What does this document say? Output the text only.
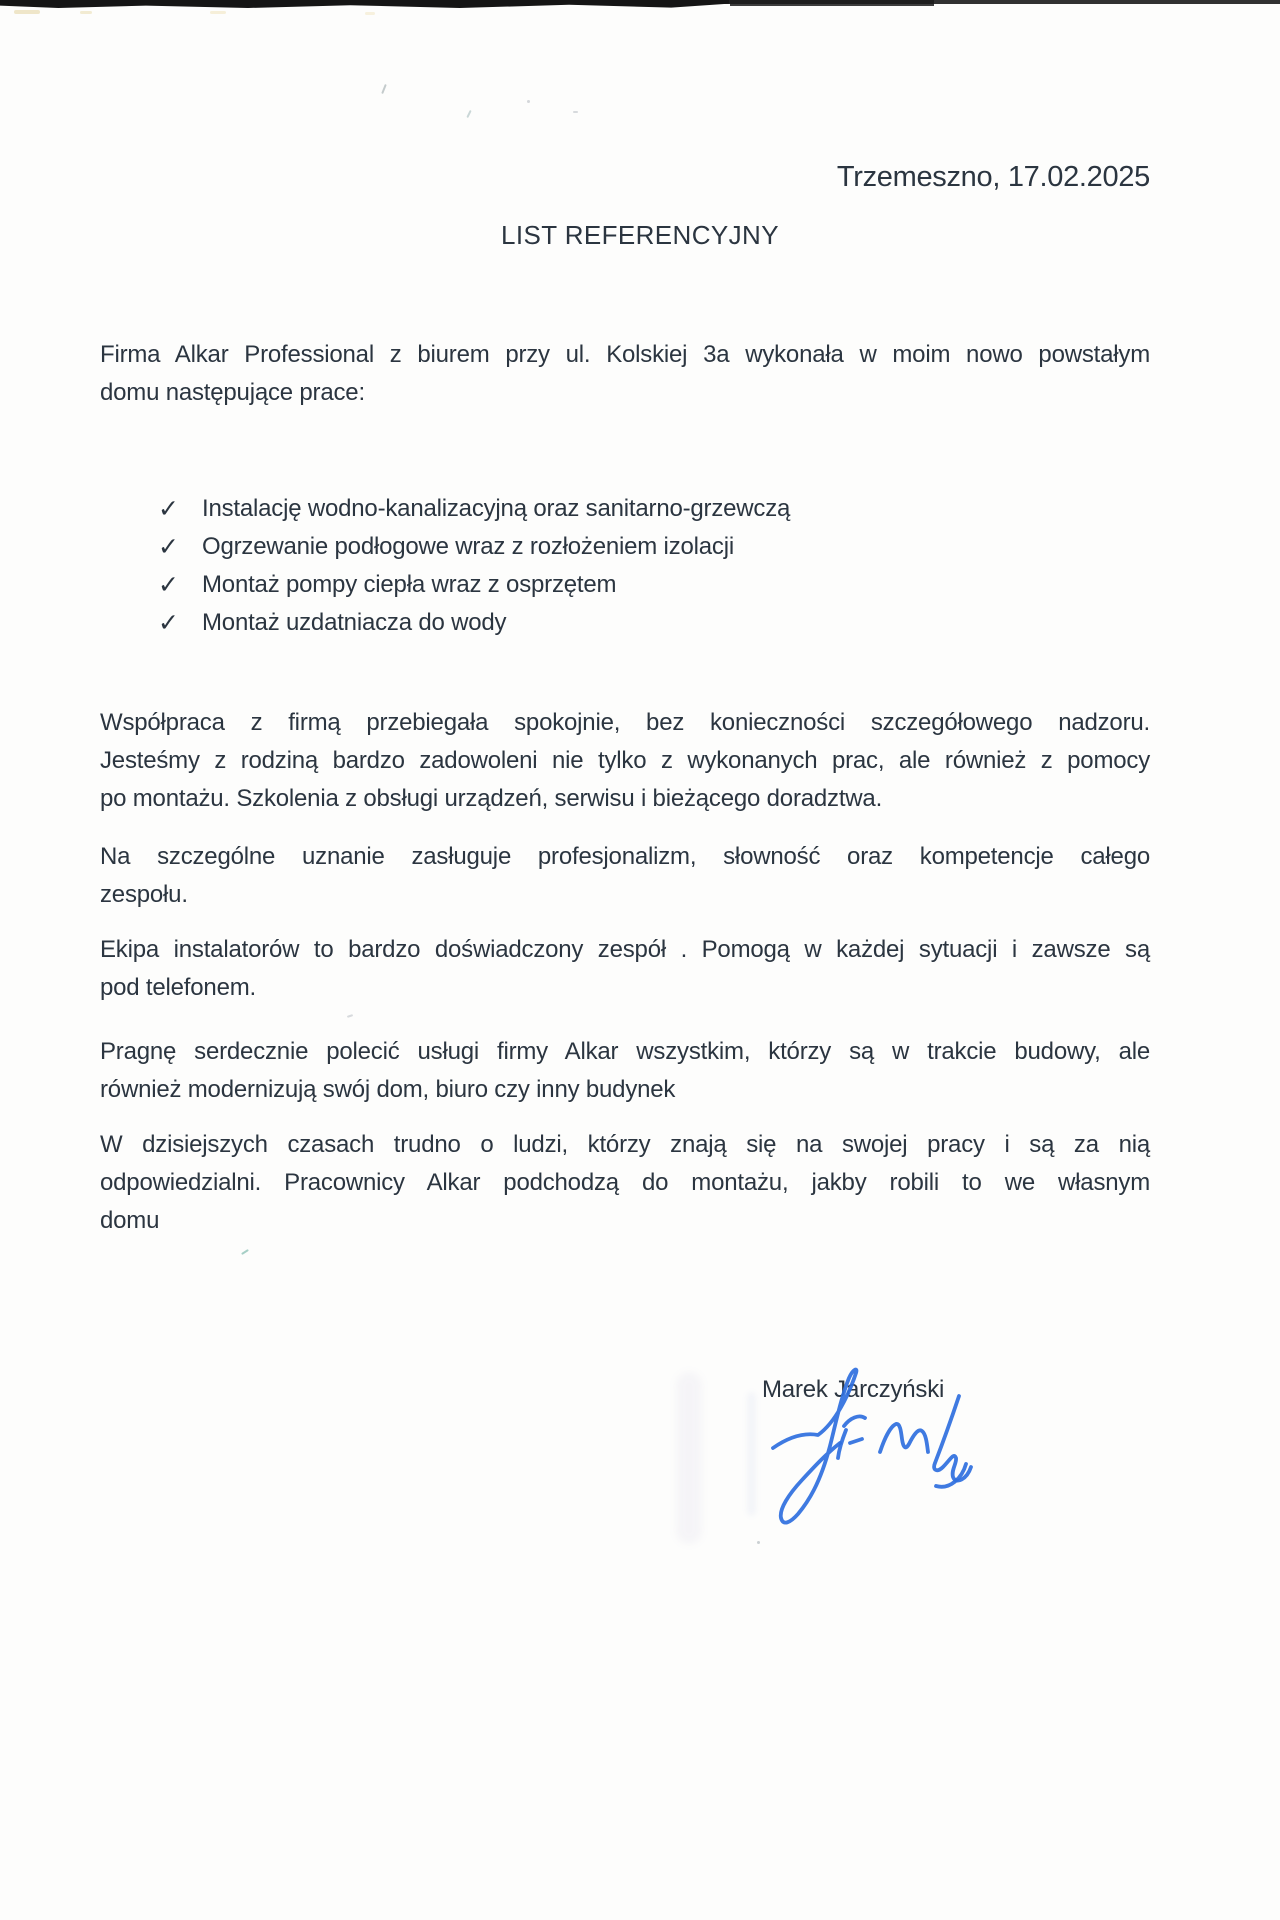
Trzemeszno, 17.02.2025
LIST REFERENCYJNY
Firma Alkar Professional z biurem przy ul. Kolskiej 3a wykonała w moim nowo powstałym
domu następujące prace:
✓ Instalację wodno-kanalizacyjną oraz sanitarno-grzewczą
✓ Ogrzewanie podłogowe wraz z rozłożeniem izolacji
✓ Montaż pompy ciepła wraz z osprzętem
✓ Montaż uzdatniacza do wody
Współpraca z firmą przebiegała spokojnie, bez konieczności szczegółowego nadzoru.
Jesteśmy z rodziną bardzo zadowoleni nie tylko z wykonanych prac, ale również z pomocy
po montażu. Szkolenia z obsługi urządzeń, serwisu i bieżącego doradztwa.
Na szczególne uznanie zasługuje profesjonalizm, słowność oraz kompetencje całego
zespołu.
Ekipa instalatorów to bardzo doświadczony zespół . Pomogą w każdej sytuacji i zawsze są
pod telefonem.
Pragnę serdecznie polecić usługi firmy Alkar wszystkim, którzy są w trakcie budowy, ale
również modernizują swój dom, biuro czy inny budynek
W dzisiejszych czasach trudno o ludzi, którzy znają się na swojej pracy i są za nią
odpowiedzialni. Pracownicy Alkar podchodzą do montażu, jakby robili to we własnym
domu
Marek Jarczyński
